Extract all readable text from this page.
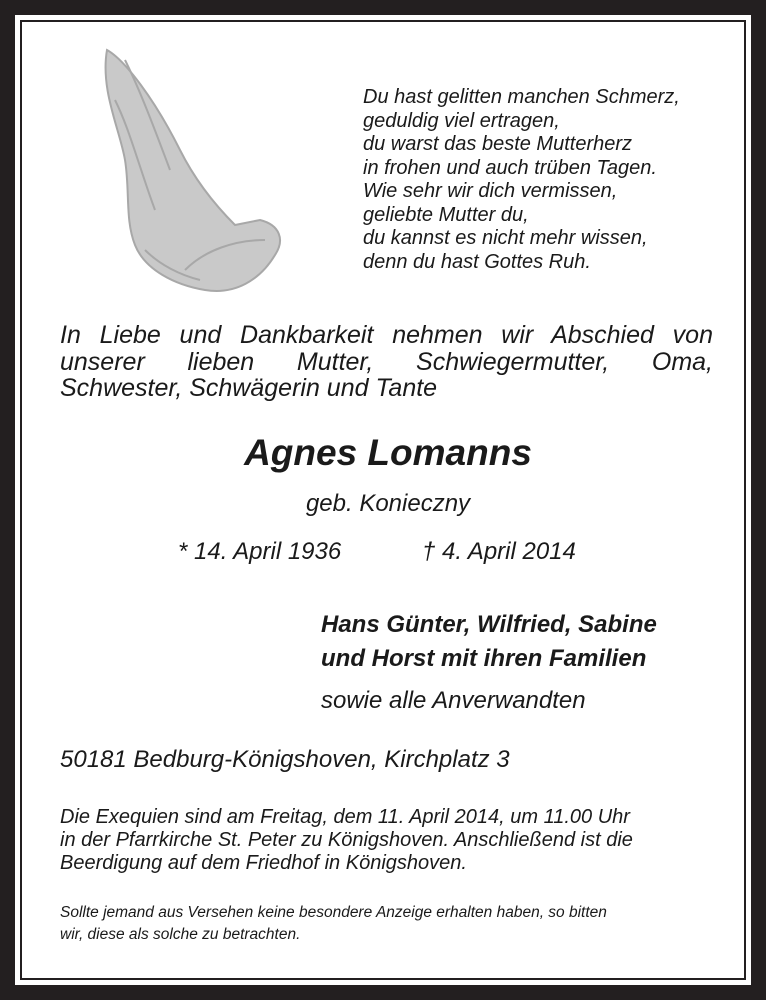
Du hast gelitten manchen Schmerz,
geduldig viel ertragen,
du warst das beste Mutterherz
in frohen und auch trüben Tagen.
Wie sehr wir dich vermissen,
geliebte Mutter du,
du kannst es nicht mehr wissen,
denn du hast Gottes Ruh.
In Liebe und Dankbarkeit nehmen wir Abschied von
unserer lieben Mutter, Schwiegermutter, Oma,
Schwester, Schwägerin und Tante
Agnes Lomanns
geb. Konieczny
* 14. April 1936	† 4. April 2014
Hans Günter, Wilfried, Sabine
und Horst mit ihren Familien
sowie alle Anverwandten
50181 Bedburg-Königshoven, Kirchplatz 3
Die Exequien sind am Freitag, dem 11. April 2014, um 11.00 Uhr
in der Pfarrkirche St. Peter zu Königshoven. Anschließend ist die
Beerdigung auf dem Friedhof in Königshoven.
Sollte jemand aus Versehen keine besondere Anzeige erhalten haben, so bitten
wir, diese als solche zu betrachten.
